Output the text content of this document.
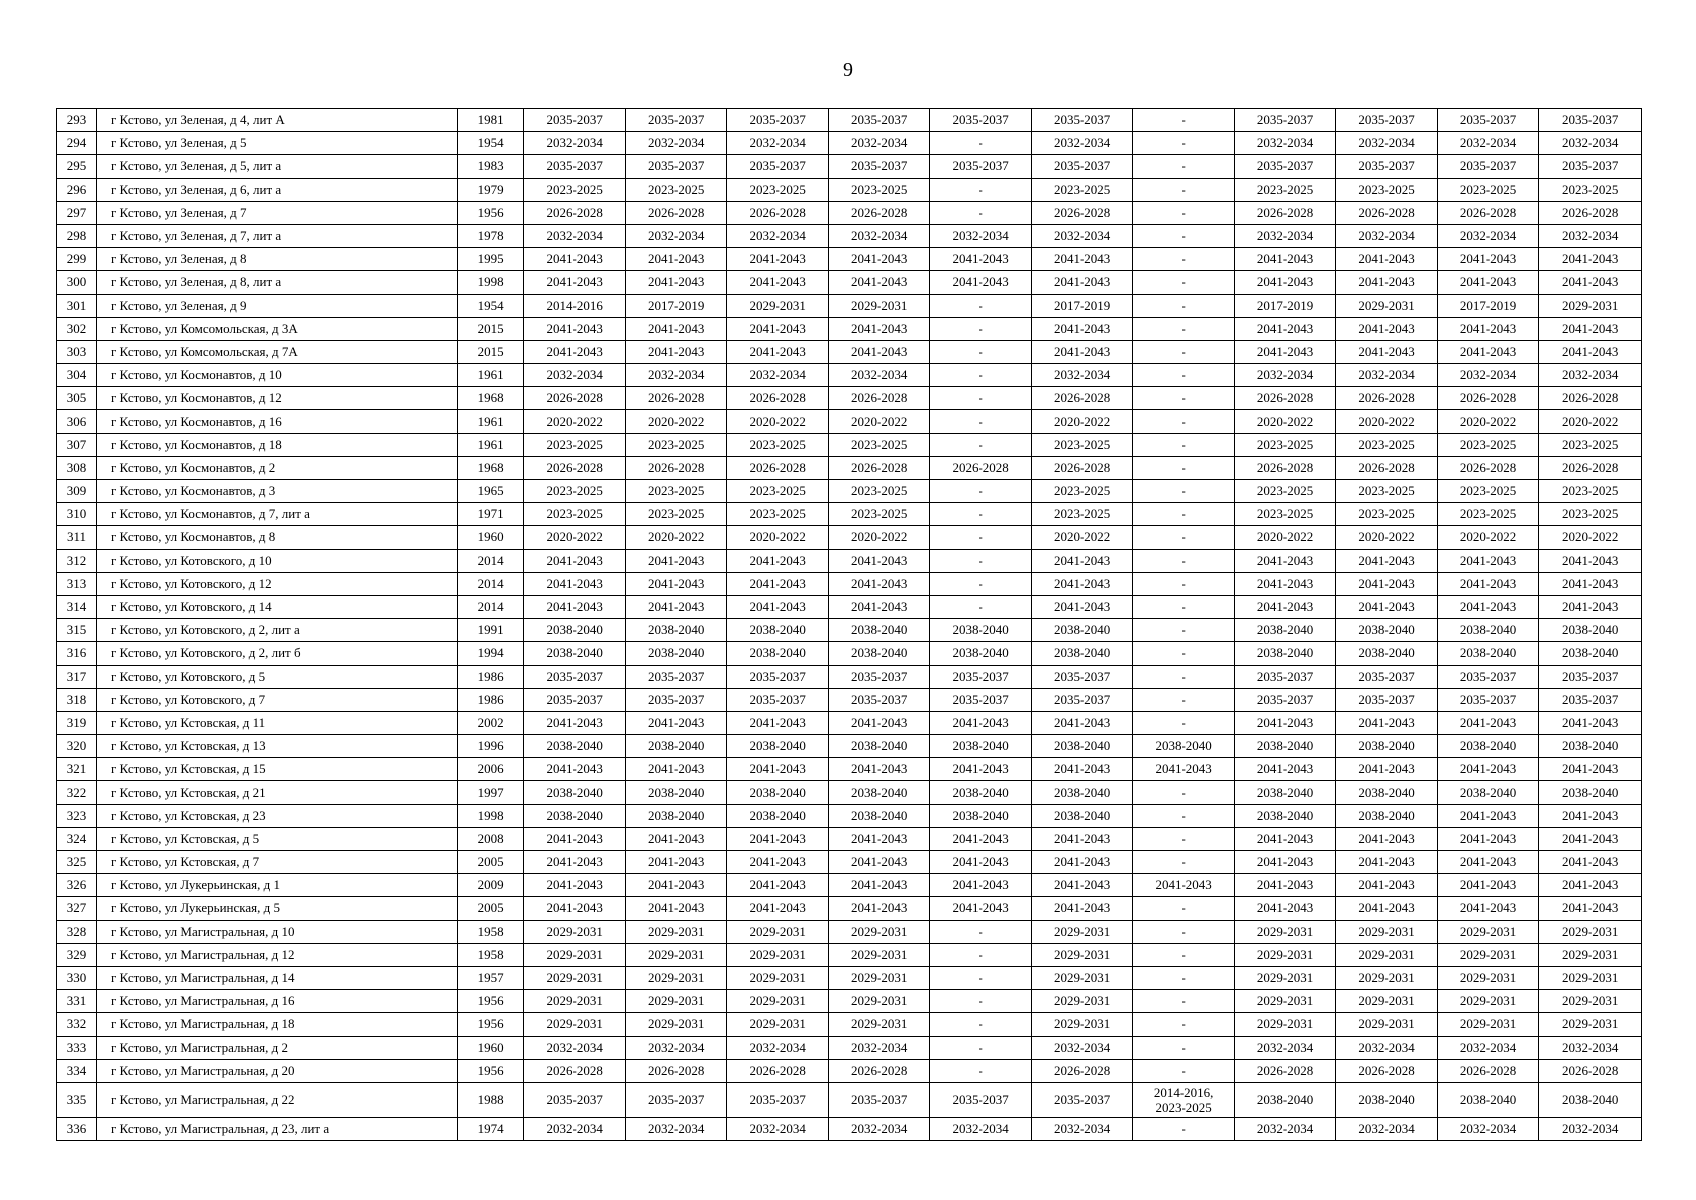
9
293	г Кстово, ул Зеленая, д 4, лит А	1981	2035-2037	2035-2037	2035-2037	2035-2037	2035-2037	2035-2037	-	2035-2037	2035-2037	2035-2037	2035-2037
294	г Кстово, ул Зеленая, д 5	1954	2032-2034	2032-2034	2032-2034	2032-2034	-	2032-2034	-	2032-2034	2032-2034	2032-2034	2032-2034
295	г Кстово, ул Зеленая, д 5, лит а	1983	2035-2037	2035-2037	2035-2037	2035-2037	2035-2037	2035-2037	-	2035-2037	2035-2037	2035-2037	2035-2037
296	г Кстово, ул Зеленая, д 6, лит а	1979	2023-2025	2023-2025	2023-2025	2023-2025	-	2023-2025	-	2023-2025	2023-2025	2023-2025	2023-2025
297	г Кстово, ул Зеленая, д 7	1956	2026-2028	2026-2028	2026-2028	2026-2028	-	2026-2028	-	2026-2028	2026-2028	2026-2028	2026-2028
298	г Кстово, ул Зеленая, д 7, лит а	1978	2032-2034	2032-2034	2032-2034	2032-2034	2032-2034	2032-2034	-	2032-2034	2032-2034	2032-2034	2032-2034
299	г Кстово, ул Зеленая, д 8	1995	2041-2043	2041-2043	2041-2043	2041-2043	2041-2043	2041-2043	-	2041-2043	2041-2043	2041-2043	2041-2043
300	г Кстово, ул Зеленая, д 8, лит а	1998	2041-2043	2041-2043	2041-2043	2041-2043	2041-2043	2041-2043	-	2041-2043	2041-2043	2041-2043	2041-2043
301	г Кстово, ул Зеленая, д 9	1954	2014-2016	2017-2019	2029-2031	2029-2031	-	2017-2019	-	2017-2019	2029-2031	2017-2019	2029-2031
302	г Кстово, ул Комсомольская, д 3А	2015	2041-2043	2041-2043	2041-2043	2041-2043	-	2041-2043	-	2041-2043	2041-2043	2041-2043	2041-2043
303	г Кстово, ул Комсомольская, д 7А	2015	2041-2043	2041-2043	2041-2043	2041-2043	-	2041-2043	-	2041-2043	2041-2043	2041-2043	2041-2043
304	г Кстово, ул Космонавтов, д 10	1961	2032-2034	2032-2034	2032-2034	2032-2034	-	2032-2034	-	2032-2034	2032-2034	2032-2034	2032-2034
305	г Кстово, ул Космонавтов, д 12	1968	2026-2028	2026-2028	2026-2028	2026-2028	-	2026-2028	-	2026-2028	2026-2028	2026-2028	2026-2028
306	г Кстово, ул Космонавтов, д 16	1961	2020-2022	2020-2022	2020-2022	2020-2022	-	2020-2022	-	2020-2022	2020-2022	2020-2022	2020-2022
307	г Кстово, ул Космонавтов, д 18	1961	2023-2025	2023-2025	2023-2025	2023-2025	-	2023-2025	-	2023-2025	2023-2025	2023-2025	2023-2025
308	г Кстово, ул Космонавтов, д 2	1968	2026-2028	2026-2028	2026-2028	2026-2028	2026-2028	2026-2028	-	2026-2028	2026-2028	2026-2028	2026-2028
309	г Кстово, ул Космонавтов, д 3	1965	2023-2025	2023-2025	2023-2025	2023-2025	-	2023-2025	-	2023-2025	2023-2025	2023-2025	2023-2025
310	г Кстово, ул Космонавтов, д 7, лит а	1971	2023-2025	2023-2025	2023-2025	2023-2025	-	2023-2025	-	2023-2025	2023-2025	2023-2025	2023-2025
311	г Кстово, ул Космонавтов, д 8	1960	2020-2022	2020-2022	2020-2022	2020-2022	-	2020-2022	-	2020-2022	2020-2022	2020-2022	2020-2022
312	г Кстово, ул Котовского, д 10	2014	2041-2043	2041-2043	2041-2043	2041-2043	-	2041-2043	-	2041-2043	2041-2043	2041-2043	2041-2043
313	г Кстово, ул Котовского, д 12	2014	2041-2043	2041-2043	2041-2043	2041-2043	-	2041-2043	-	2041-2043	2041-2043	2041-2043	2041-2043
314	г Кстово, ул Котовского, д 14	2014	2041-2043	2041-2043	2041-2043	2041-2043	-	2041-2043	-	2041-2043	2041-2043	2041-2043	2041-2043
315	г Кстово, ул Котовского, д 2, лит а	1991	2038-2040	2038-2040	2038-2040	2038-2040	2038-2040	2038-2040	-	2038-2040	2038-2040	2038-2040	2038-2040
316	г Кстово, ул Котовского, д 2, лит б	1994	2038-2040	2038-2040	2038-2040	2038-2040	2038-2040	2038-2040	-	2038-2040	2038-2040	2038-2040	2038-2040
317	г Кстово, ул Котовского, д 5	1986	2035-2037	2035-2037	2035-2037	2035-2037	2035-2037	2035-2037	-	2035-2037	2035-2037	2035-2037	2035-2037
318	г Кстово, ул Котовского, д 7	1986	2035-2037	2035-2037	2035-2037	2035-2037	2035-2037	2035-2037	-	2035-2037	2035-2037	2035-2037	2035-2037
319	г Кстово, ул Кстовская, д 11	2002	2041-2043	2041-2043	2041-2043	2041-2043	2041-2043	2041-2043	-	2041-2043	2041-2043	2041-2043	2041-2043
320	г Кстово, ул Кстовская, д 13	1996	2038-2040	2038-2040	2038-2040	2038-2040	2038-2040	2038-2040	2038-2040	2038-2040	2038-2040	2038-2040	2038-2040
321	г Кстово, ул Кстовская, д 15	2006	2041-2043	2041-2043	2041-2043	2041-2043	2041-2043	2041-2043	2041-2043	2041-2043	2041-2043	2041-2043	2041-2043
322	г Кстово, ул Кстовская, д 21	1997	2038-2040	2038-2040	2038-2040	2038-2040	2038-2040	2038-2040	-	2038-2040	2038-2040	2038-2040	2038-2040
323	г Кстово, ул Кстовская, д 23	1998	2038-2040	2038-2040	2038-2040	2038-2040	2038-2040	2038-2040	-	2038-2040	2038-2040	2041-2043	2041-2043
324	г Кстово, ул Кстовская, д 5	2008	2041-2043	2041-2043	2041-2043	2041-2043	2041-2043	2041-2043	-	2041-2043	2041-2043	2041-2043	2041-2043
325	г Кстово, ул Кстовская, д 7	2005	2041-2043	2041-2043	2041-2043	2041-2043	2041-2043	2041-2043	-	2041-2043	2041-2043	2041-2043	2041-2043
326	г Кстово, ул Лукерьинская, д 1	2009	2041-2043	2041-2043	2041-2043	2041-2043	2041-2043	2041-2043	2041-2043	2041-2043	2041-2043	2041-2043	2041-2043
327	г Кстово, ул Лукерьинская, д 5	2005	2041-2043	2041-2043	2041-2043	2041-2043	2041-2043	2041-2043	-	2041-2043	2041-2043	2041-2043	2041-2043
328	г Кстово, ул Магистральная, д 10	1958	2029-2031	2029-2031	2029-2031	2029-2031	-	2029-2031	-	2029-2031	2029-2031	2029-2031	2029-2031
329	г Кстово, ул Магистральная, д 12	1958	2029-2031	2029-2031	2029-2031	2029-2031	-	2029-2031	-	2029-2031	2029-2031	2029-2031	2029-2031
330	г Кстово, ул Магистральная, д 14	1957	2029-2031	2029-2031	2029-2031	2029-2031	-	2029-2031	-	2029-2031	2029-2031	2029-2031	2029-2031
331	г Кстово, ул Магистральная, д 16	1956	2029-2031	2029-2031	2029-2031	2029-2031	-	2029-2031	-	2029-2031	2029-2031	2029-2031	2029-2031
332	г Кстово, ул Магистральная, д 18	1956	2029-2031	2029-2031	2029-2031	2029-2031	-	2029-2031	-	2029-2031	2029-2031	2029-2031	2029-2031
333	г Кстово, ул Магистральная, д 2	1960	2032-2034	2032-2034	2032-2034	2032-2034	-	2032-2034	-	2032-2034	2032-2034	2032-2034	2032-2034
334	г Кстово, ул Магистральная, д 20	1956	2026-2028	2026-2028	2026-2028	2026-2028	-	2026-2028	-	2026-2028	2026-2028	2026-2028	2026-2028
335	г Кстово, ул Магистральная, д 22	1988	2035-2037	2035-2037	2035-2037	2035-2037	2035-2037	2035-2037	2014-2016,
2023-2025	2038-2040	2038-2040	2038-2040	2038-2040
336	г Кстово, ул Магистральная, д 23, лит а	1974	2032-2034	2032-2034	2032-2034	2032-2034	2032-2034	2032-2034	-	2032-2034	2032-2034	2032-2034	2032-2034
